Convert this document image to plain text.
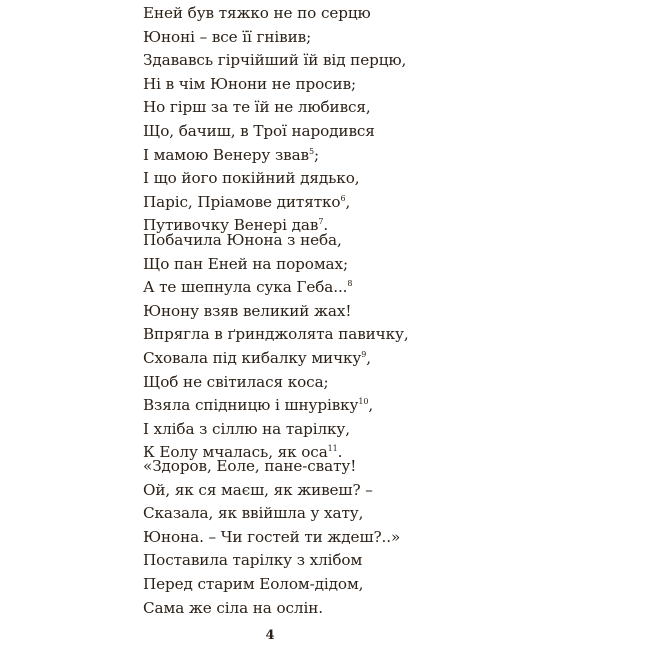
Еней був тяжко не по серцю
Юноні – все її гнівив;
Здававсь гірчійший їй від перцю,
Ні в чім Юнони не просив;
Но гірш за те їй не любився,
Що, бачиш, в Трої народився
І мамою Венеру звав$^5$;
І що його покійний дядько,
Паріс, Пріамове дитятко$^6$,
Путивочку Венері дав$^7$.
Побачила Юнона з неба,
Що пан Еней на поромах;
А те шепнула сука Геба...$^8$
Юнону взяв великий жах!
Впрягла в ґринджолята павичку,
Сховала під кибалку мичку$^9$,
Щоб не світилася коса;
Взяла спідницю і шнурівку$^{10}$,
І хліба з сіллю на тарілку,
К Еолу мчалась, як оса$^{11}$.
«Здоров, Еоле, пане-свату!
Ой, як ся маєш, як живеш? –
Сказала, як ввійшла у хату,
Юнона. – Чи гостей ти ждеш?..»
Поставила тарілку з хлібом
Перед старим Еолом-дідом,
Сама же сіла на ослін.
4
